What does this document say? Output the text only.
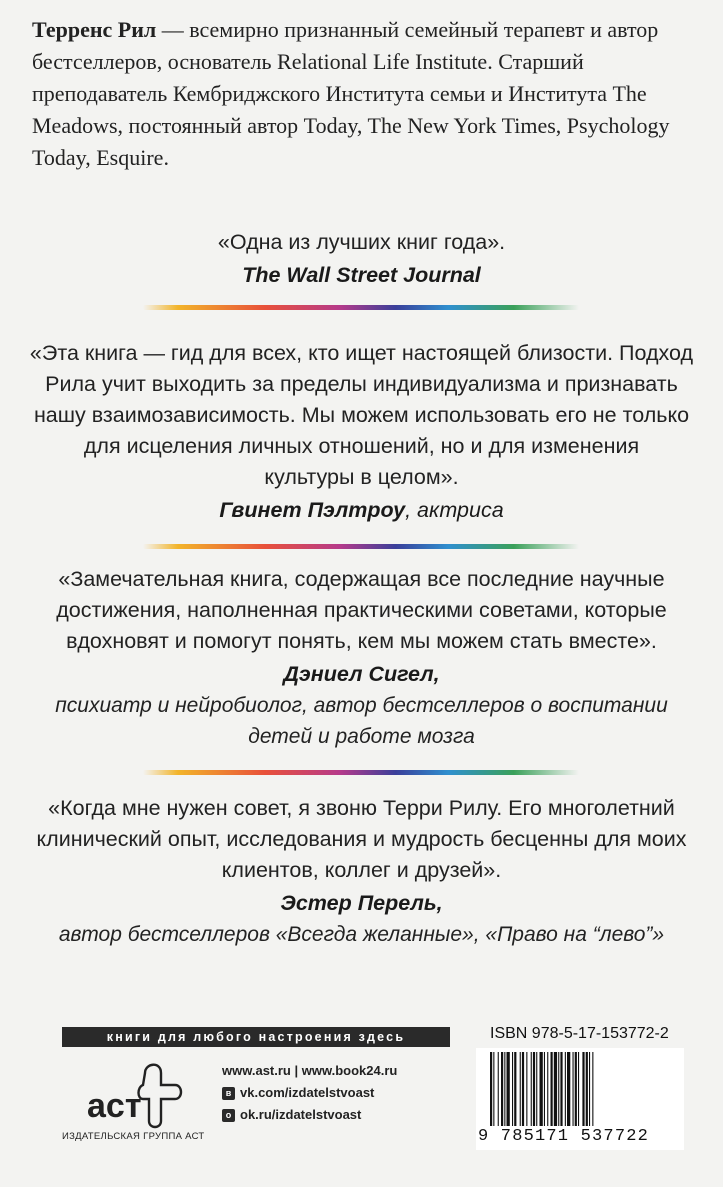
Терренс Рил — всемирно признанный семейный терапевт и автор бестселлеров, основатель Relational Life Institute. Старший преподаватель Кембриджского Института семьи и Института The Meadows, постоянный автор Today, The New York Times, Psychology Today, Esquire.
«Одна из лучших книг года».
The Wall Street Journal
«Эта книга — гид для всех, кто ищет настоящей близости. Подход
Рила учит выходить за пределы индивидуализма и признавать
нашу взаимозависимость. Мы можем использовать его не только
для исцеления личных отношений, но и для изменения
культуры в целом».
Гвинет Пэлтроу, актриса
«Замечательная книга, содержащая все последние научные
достижения, наполненная практическими советами, которые
вдохновят и помогут понять, кем мы можем стать вместе».
Дэниел Сигел,
психиатр и нейробиолог, автор бестселлеров о воспитании
детей и работе мозга
«Когда мне нужен совет, я звоню Терри Рилу. Его многолетний
клинический опыт, исследования и мудрость бесценны для моих
клиентов, коллег и друзей».
Эстер Перель,
автор бестселлеров «Всегда желанные», «Право на “лево”»
книги для любого настроения здесь
аст
ИЗДАТЕЛЬСКАЯ ГРУППА АСТ
www.ast.ru | www.book24.ru
в vk.com/izdatelstvoast
о ok.ru/izdatelstvoast
ISBN 978-5-17-153772-2
9 785171 537722
